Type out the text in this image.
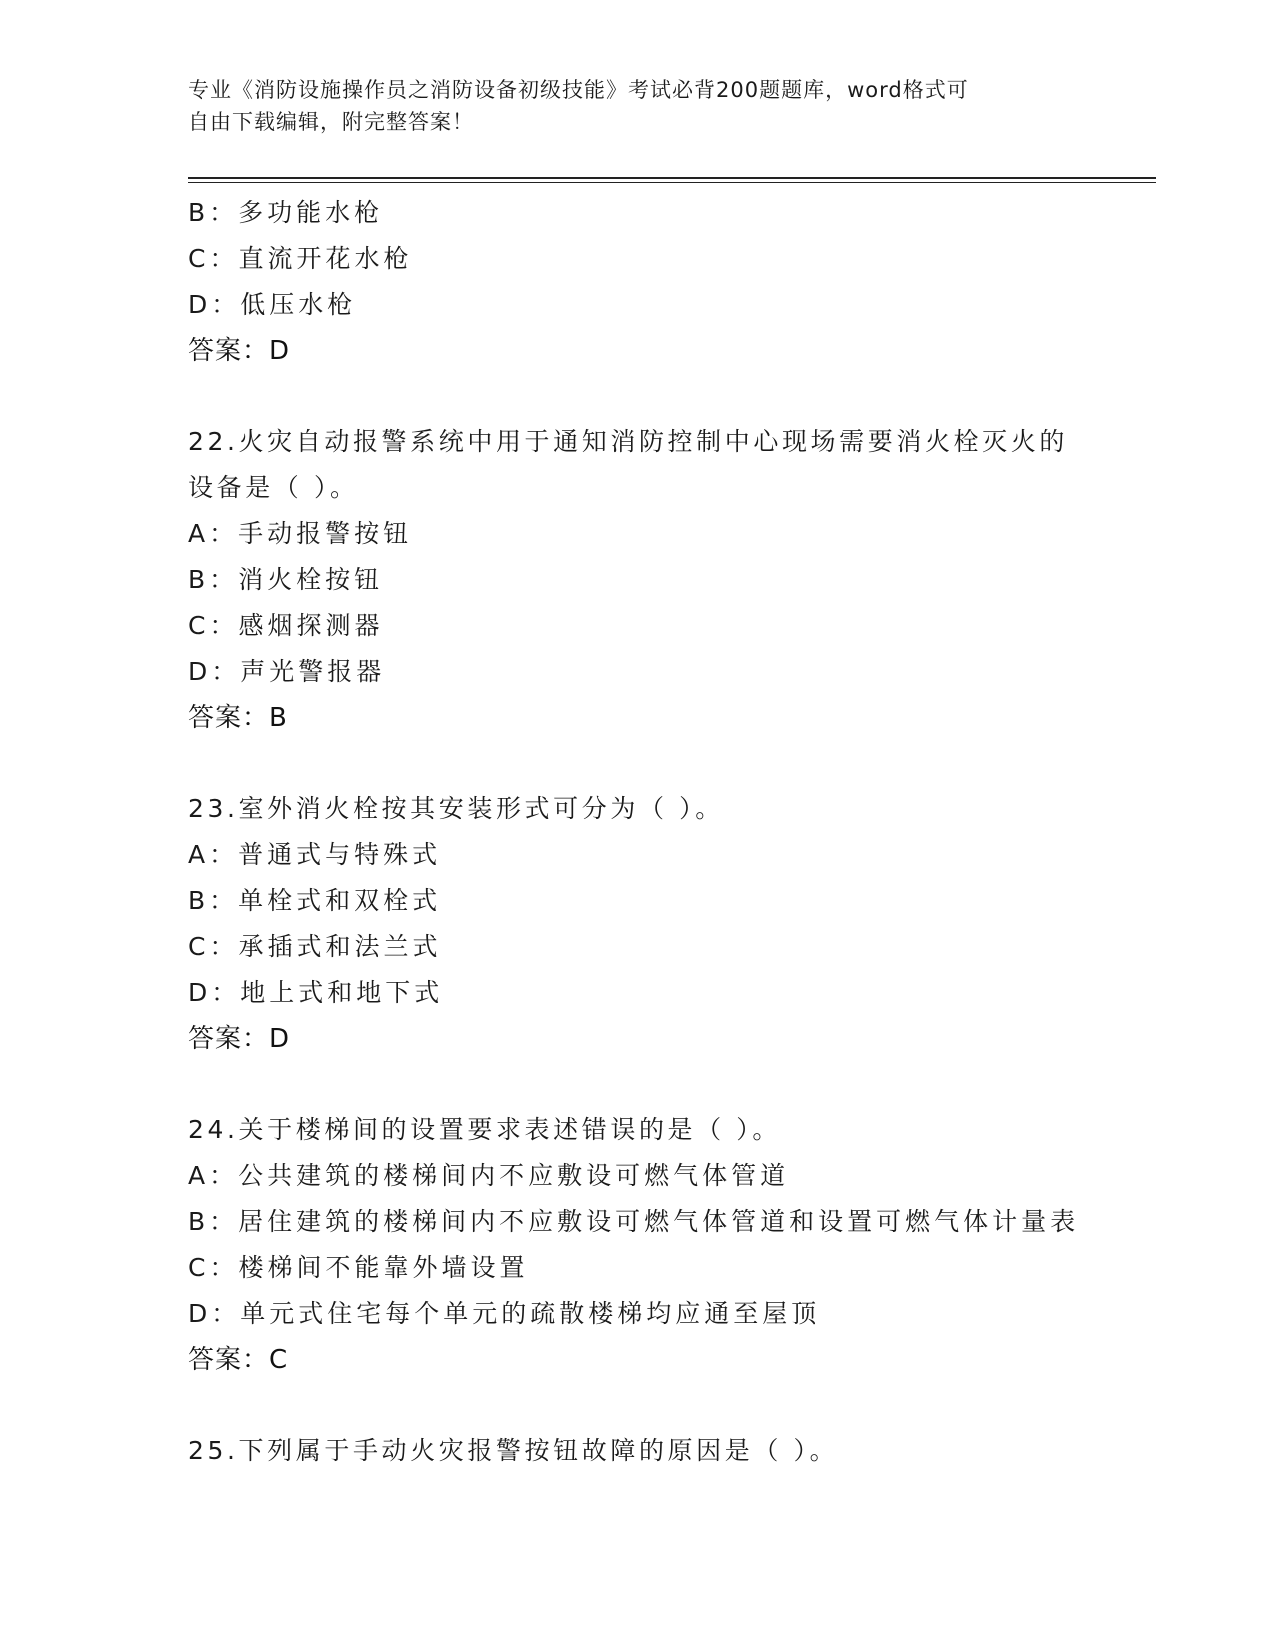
专业《消防设施操作员之消防设备初级技能》考试必背200题题库，word格式可
自由下载编辑，附完整答案！
B：多功能水枪
C：直流开花水枪
D：低压水枪
答案：D
22.火灾自动报警系统中用于通知消防控制中心现场需要消火栓灭火的
设备是（ ）。
A：手动报警按钮
B：消火栓按钮
C：感烟探测器
D：声光警报器
答案：B
23.室外消火栓按其安装形式可分为（ ）。
A：普通式与特殊式
B：单栓式和双栓式
C：承插式和法兰式
D：地上式和地下式
答案：D
24.关于楼梯间的设置要求表述错误的是（ ）。
A：公共建筑的楼梯间内不应敷设可燃气体管道
B：居住建筑的楼梯间内不应敷设可燃气体管道和设置可燃气体计量表
C：楼梯间不能靠外墙设置
D：单元式住宅每个单元的疏散楼梯均应通至屋顶
答案：C
25.下列属于手动火灾报警按钮故障的原因是（ ）。
